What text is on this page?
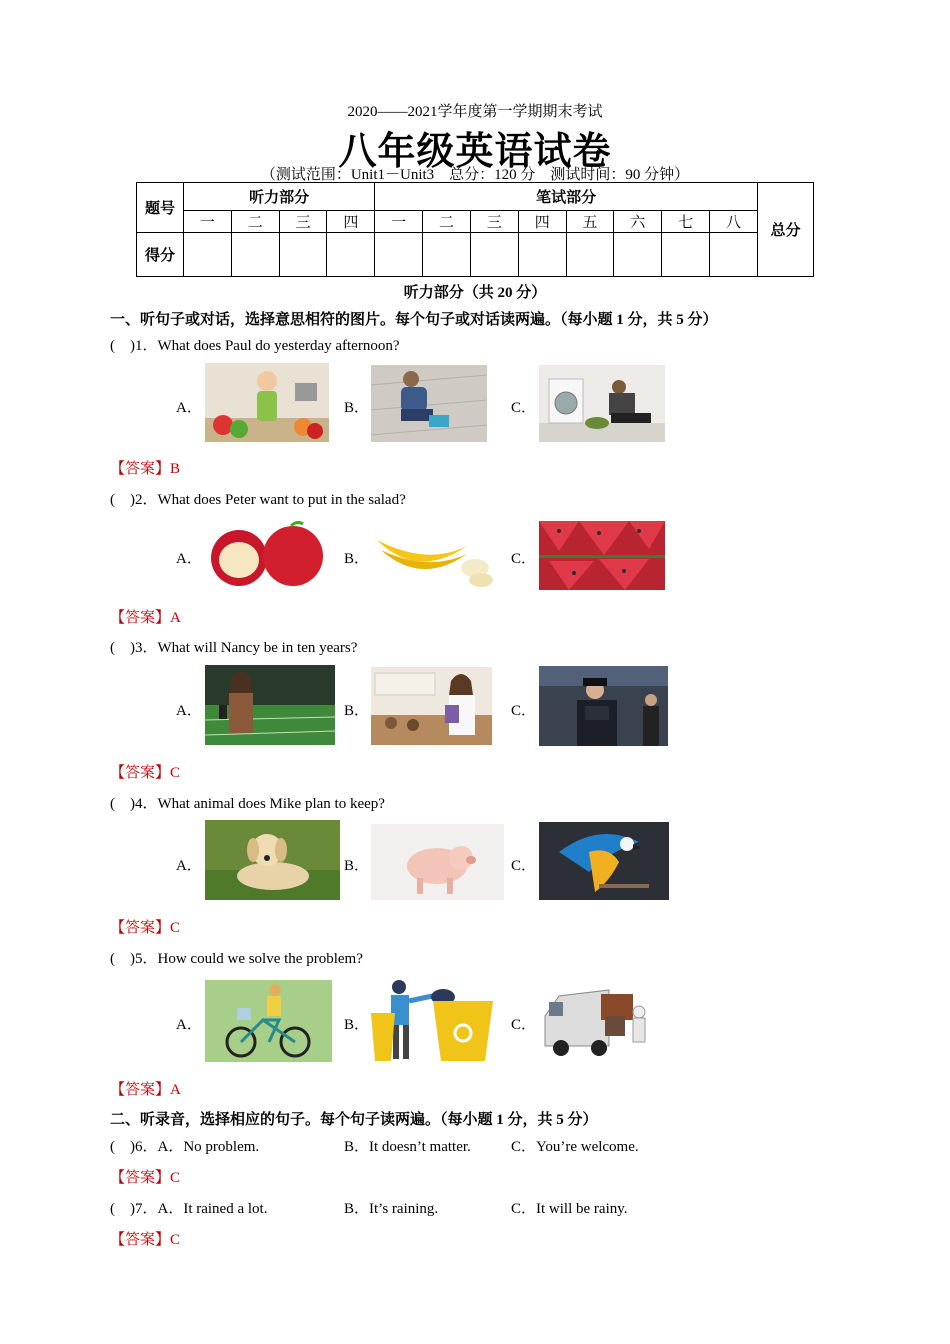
2020——2021学年度第一学期期末考试
八年级英语试卷
（测试范围：Unit1－Unit3　总分：120 分　测试时间：90 分钟）
题号	听力部分				笔试部分								总分
	一	二	三	四	一	二	三	四	五	六	七	八	
得分													
听力部分（共 20 分）
一、听句子或对话，选择意思相符的图片。每个句子或对话读两遍。（每小题 1 分，共 5 分）
(　)1．What does Paul do yesterday afternoon?
A．	B．	C．
【答案】B
(　)2．What does Peter want to put in the salad?
A．	B．	C．
【答案】A
(　)3．What will Nancy be in ten years?
A．	B．	C．
【答案】C
(　)4．What animal does Mike plan to keep?
A．	B．	C．
【答案】C
(　)5．How could we solve the problem?
A．	B．	C．
【答案】A
二、听录音，选择相应的句子。每个句子读两遍。（每小题 1 分，共 5 分）
(　)6．A．No problem.	B．It doesn’t matter.	C．You’re welcome.
【答案】C
(　)7．A．It rained a lot.	B．It’s raining.	C．It will be rainy.
【答案】C
